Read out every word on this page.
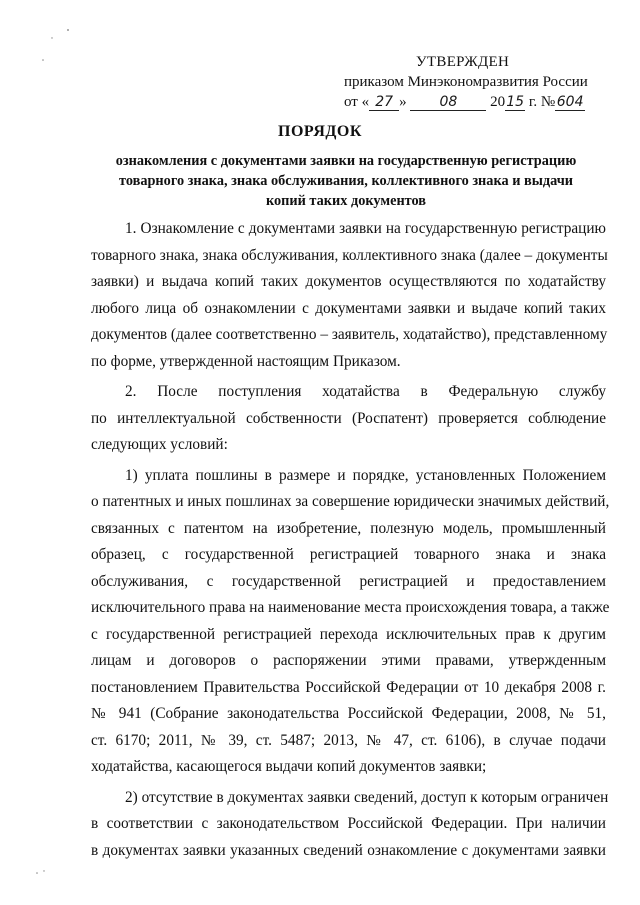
УТВЕРЖДЕН
приказом Минэкономразвития России
от « 27 » 08 2015 г. № 604
ПОРЯДОК
ознакомления с документами заявки на государственную регистрацию
товарного знака, знака обслуживания, коллективного знака и выдачи
копий таких документов
1. Ознакомление с документами заявки на государственную регистрацию
товарного знака, знака обслуживания, коллективного знака (далее – документы
заявки) и выдача копий таких документов осуществляются по ходатайству
любого лица об ознакомлении с документами заявки и выдаче копий таких
документов (далее соответственно – заявитель, ходатайство), представленному
по форме, утвержденной настоящим Приказом.
2. После поступления ходатайства в Федеральную службу
по интеллектуальной собственности (Роспатент) проверяется соблюдение
следующих условий:
1) уплата пошлины в размере и порядке, установленных Положением
о патентных и иных пошлинах за совершение юридически значимых действий,
связанных с патентом на изобретение, полезную модель, промышленный
образец, с государственной регистрацией товарного знака и знака
обслуживания, с государственной регистрацией и предоставлением
исключительного права на наименование места происхождения товара, а также
с государственной регистрацией перехода исключительных прав к другим
лицам и договоров о распоряжении этими правами, утвержденным
постановлением Правительства Российской Федерации от 10 декабря 2008 г.
№ 941 (Собрание законодательства Российской Федерации, 2008, № 51,
ст. 6170; 2011, № 39, ст. 5487; 2013, № 47, ст. 6106), в случае подачи
ходатайства, касающегося выдачи копий документов заявки;
2) отсутствие в документах заявки сведений, доступ к которым ограничен
в соответствии с законодательством Российской Федерации. При наличии
в документах заявки указанных сведений ознакомление с документами заявки
